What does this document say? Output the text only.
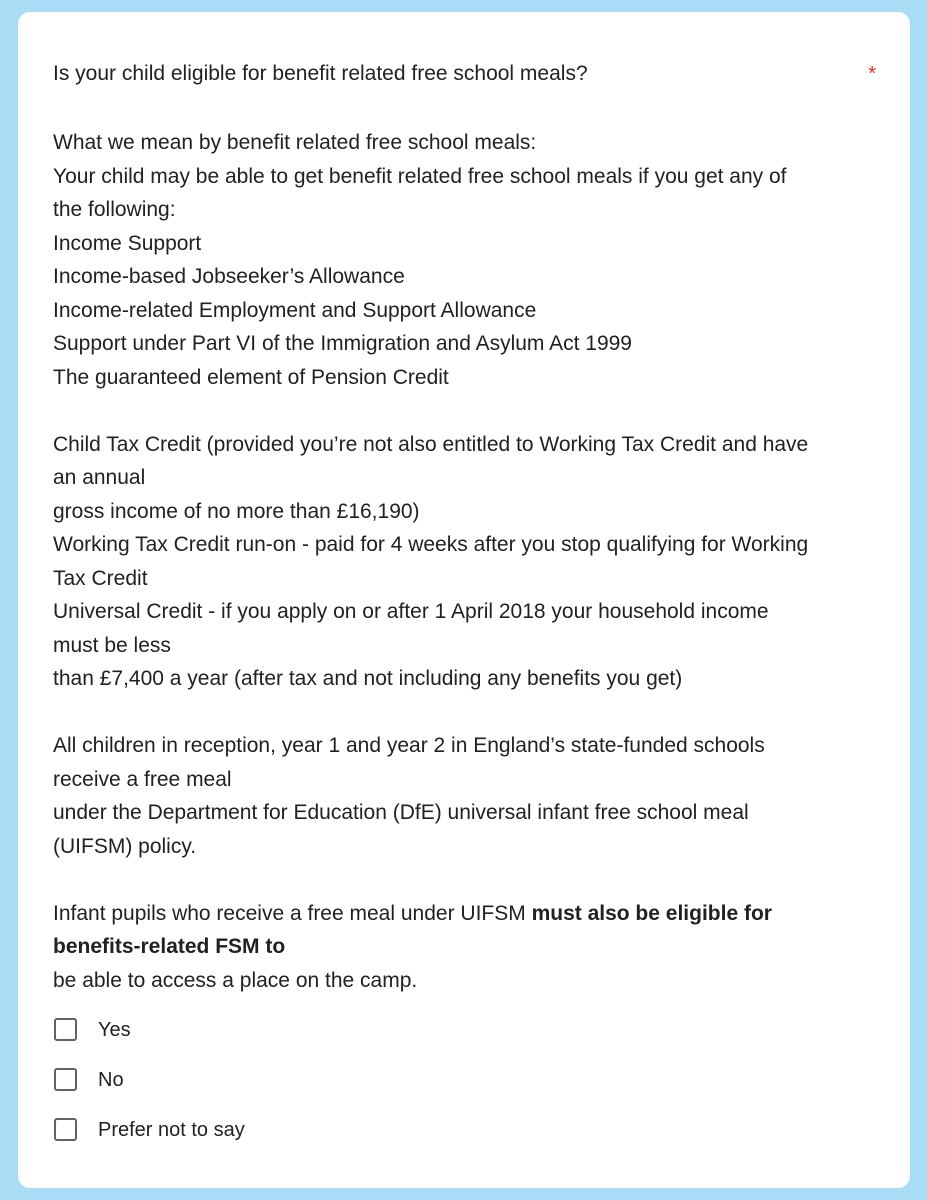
Is your child eligible for benefit related free school meals?	*
What we mean by benefit related free school meals:
Your child may be able to get benefit related free school meals if you get any of
the following:
Income Support
Income-based Jobseeker’s Allowance
Income-related Employment and Support Allowance
Support under Part VI of the Immigration and Asylum Act 1999
The guaranteed element of Pension Credit
Child Tax Credit (provided you’re not also entitled to Working Tax Credit and have
an annual
gross income of no more than £16,190)
Working Tax Credit run-on - paid for 4 weeks after you stop qualifying for Working
Tax Credit
Universal Credit - if you apply on or after 1 April 2018 your household income
must be less
than £7,400 a year (after tax and not including any benefits you get)
All children in reception, year 1 and year 2 in England’s state-funded schools
receive a free meal
under the Department for Education (DfE) universal infant free school meal
(UIFSM) policy.
Infant pupils who receive a free meal under UIFSM must also be eligible for
benefits-related FSM to
be able to access a place on the camp.
Yes
No
Prefer not to say
